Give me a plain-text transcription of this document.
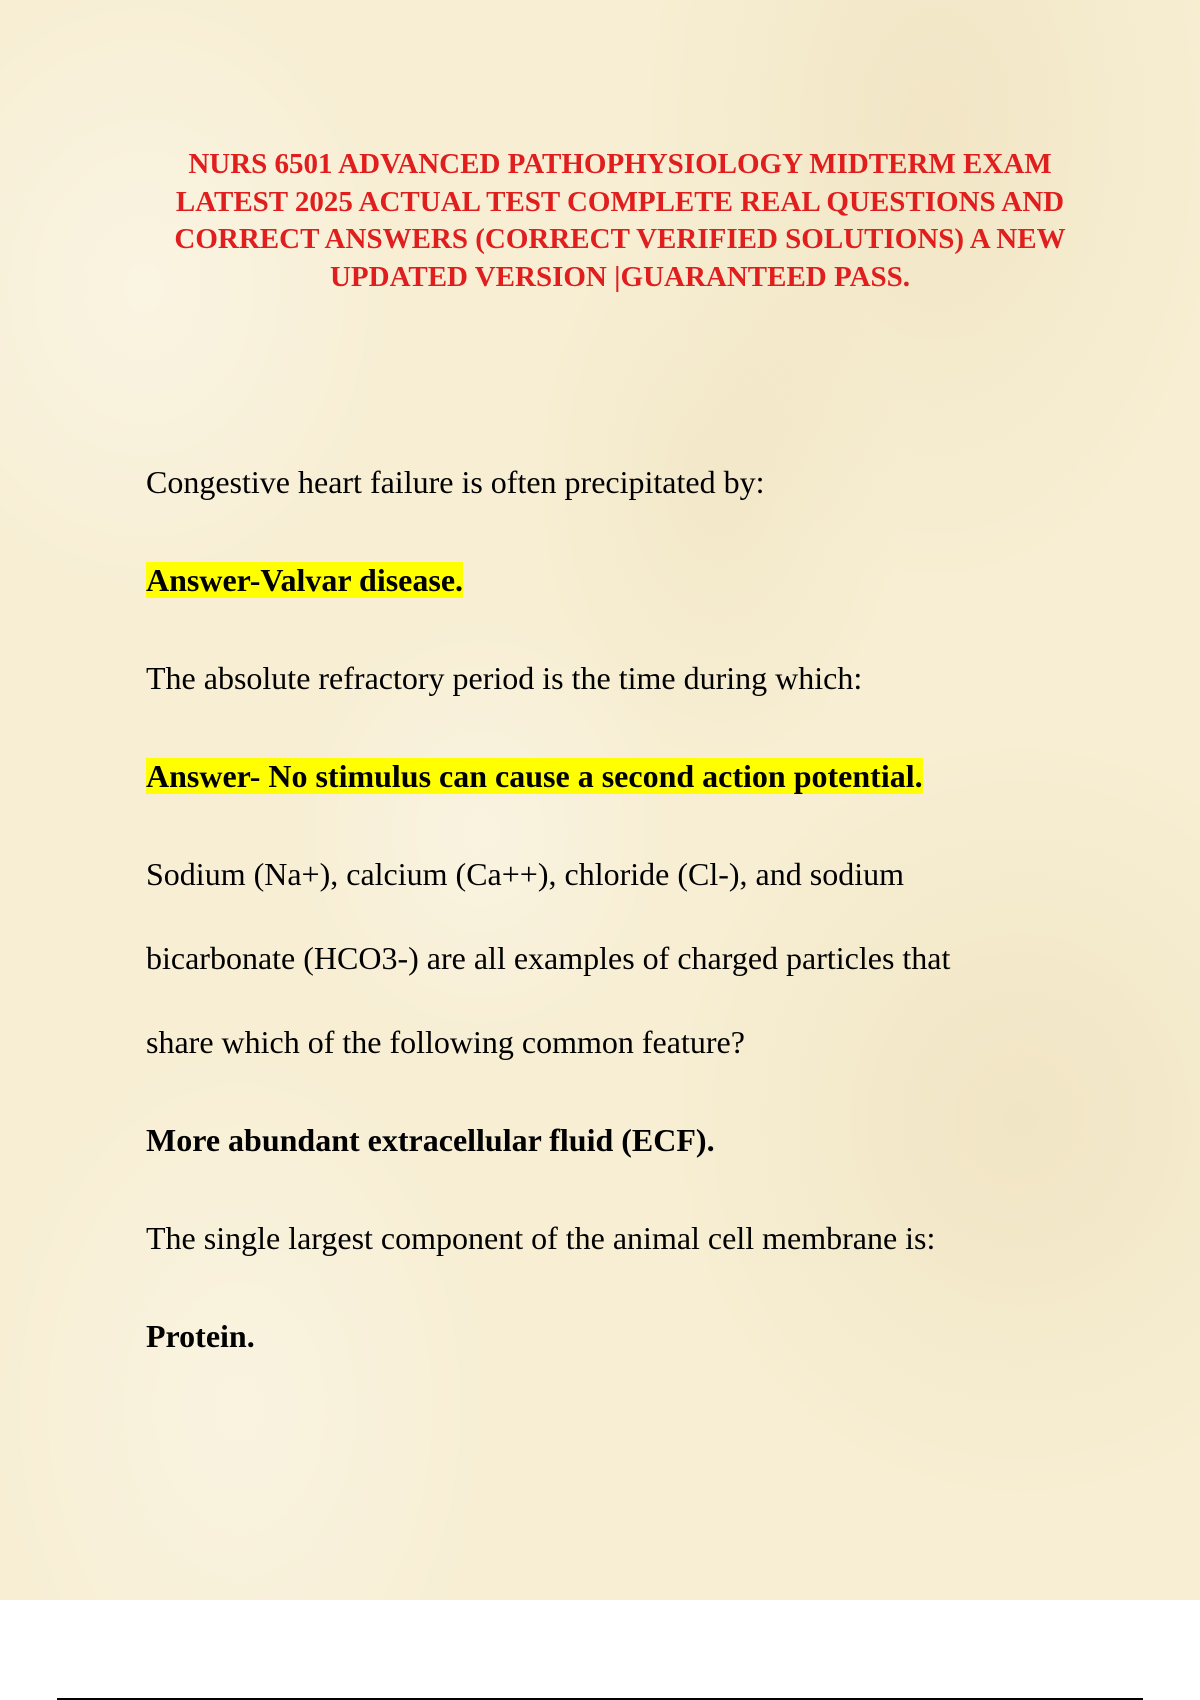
NURS 6501 ADVANCED PATHOPHYSIOLOGY MIDTERM EXAM LATEST 2025 ACTUAL TEST COMPLETE REAL QUESTIONS AND CORRECT ANSWERS (CORRECT VERIFIED SOLUTIONS) A NEW UPDATED VERSION |GUARANTEED PASS.

Congestive heart failure is often precipitated by:

Answer-Valvar disease.

The absolute refractory period is the time during which:

Answer- No stimulus can cause a second action potential.

Sodium (Na+), calcium (Ca++), chloride (Cl-), and sodium

bicarbonate (HCO3-) are all examples of charged particles that

share which of the following common feature?

More abundant extracellular fluid (ECF).

The single largest component of the animal cell membrane is:

Protein.
